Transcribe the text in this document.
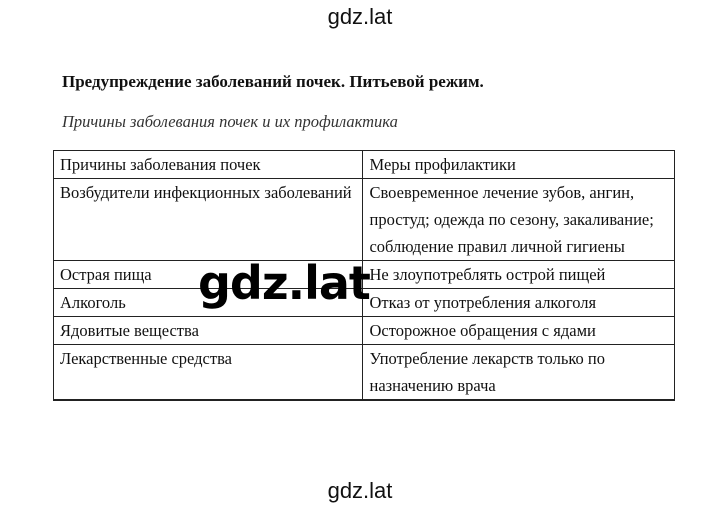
gdz.lat
Предупреждение заболеваний почек. Питьевой режим.
Причины заболевания почек и их профилактика
Причины заболевания почек	Меры профилактики
Возбудители инфекционных заболеваний	Своевременное лечение зубов, ангин, простуд; одежда по сезону, закаливание; соблюдение правил личной гигиены
Острая пища	Не злоупотреблять острой пищей
Алкоголь	Отказ от употребления алкоголя
Ядовитые вещества	Осторожное обращения с ядами
Лекарственные средства	Употребление лекарств только по назначению врача

gdz.lat
gdz.lat
